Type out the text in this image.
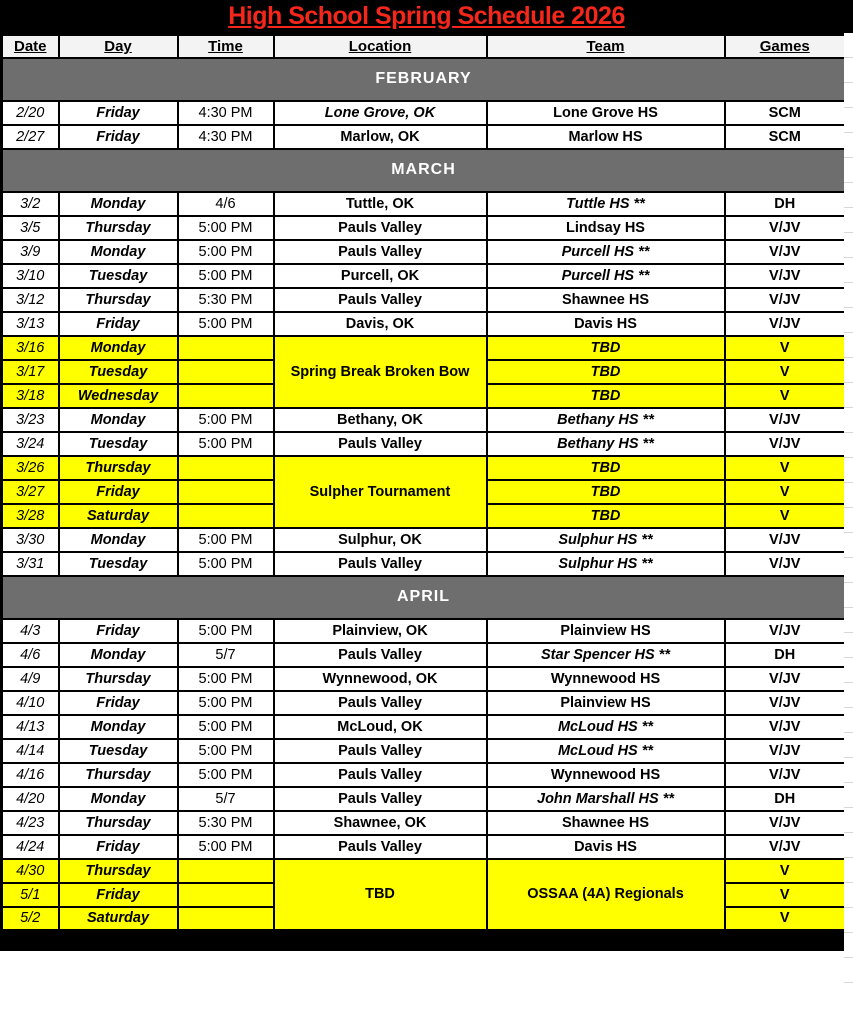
High School Spring Schedule 2026
Date	Day	Time	Location	Team	Games
FEBRUARY					
2/20	Friday	4:30 PM	Lone Grove, OK	Lone Grove HS	SCM
2/27	Friday	4:30 PM	Marlow, OK	Marlow HS	SCM
MARCH					
3/2	Monday	4/6	Tuttle, OK	Tuttle HS **	DH
3/5	Thursday	5:00 PM	Pauls Valley	Lindsay HS	V/JV
3/9	Monday	5:00 PM	Pauls Valley	Purcell HS **	V/JV
3/10	Tuesday	5:00 PM	Purcell, OK	Purcell HS **	V/JV
3/12	Thursday	5:30 PM	Pauls Valley	Shawnee HS	V/JV
3/13	Friday	5:00 PM	Davis, OK	Davis HS	V/JV
3/16	Monday		Spring Break Broken Bow	TBD	V
3/17	Tuesday			TBD	V
3/18	Wednesday			TBD	V
3/23	Monday	5:00 PM	Bethany, OK	Bethany HS **	V/JV
3/24	Tuesday	5:00 PM	Pauls Valley	Bethany HS **	V/JV
3/26	Thursday		Sulpher Tournament	TBD	V
3/27	Friday			TBD	V
3/28	Saturday			TBD	V
3/30	Monday	5:00 PM	Sulphur, OK	Sulphur HS **	V/JV
3/31	Tuesday	5:00 PM	Pauls Valley	Sulphur HS **	V/JV
APRIL					
4/3	Friday	5:00 PM	Plainview, OK	Plainview HS	V/JV
4/6	Monday	5/7	Pauls Valley	Star Spencer HS **	DH
4/9	Thursday	5:00 PM	Wynnewood, OK	Wynnewood HS	V/JV
4/10	Friday	5:00 PM	Pauls Valley	Plainview HS	V/JV
4/13	Monday	5:00 PM	McLoud, OK	McLoud HS **	V/JV
4/14	Tuesday	5:00 PM	Pauls Valley	McLoud HS **	V/JV
4/16	Thursday	5:00 PM	Pauls Valley	Wynnewood HS	V/JV
4/20	Monday	5/7	Pauls Valley	John Marshall HS **	DH
4/23	Thursday	5:30 PM	Shawnee, OK	Shawnee HS	V/JV
4/24	Friday	5:00 PM	Pauls Valley	Davis HS	V/JV
4/30	Thursday		TBD	OSSAA (4A) Regionals	V
5/1	Friday				V
5/2	Saturday				V
